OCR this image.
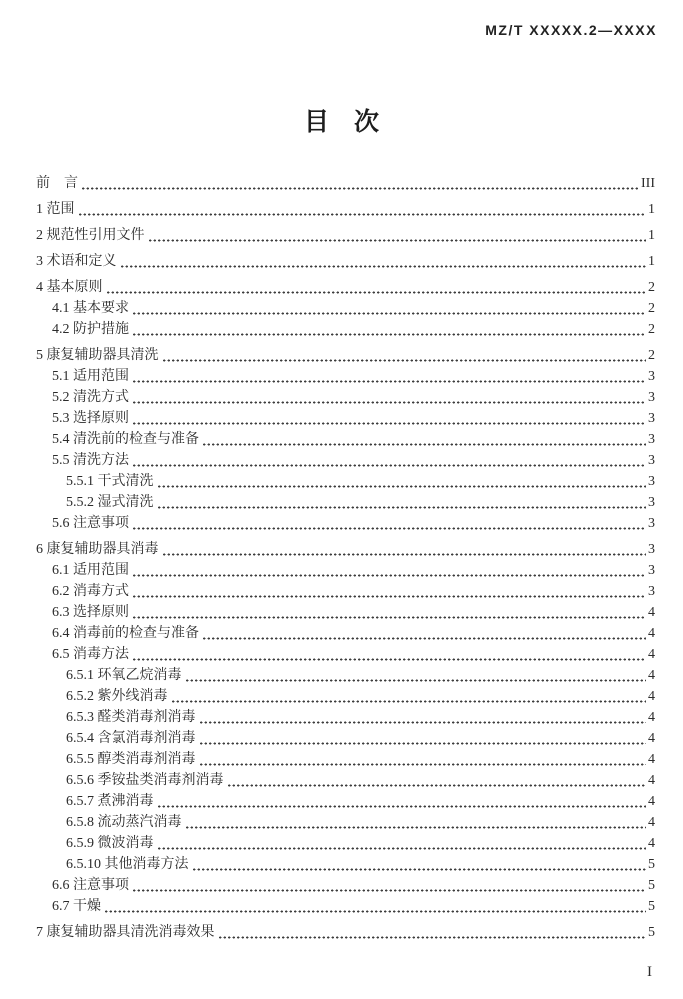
MZ/T XXXXX.2—XXXX
目　次
前　言	III
1 范围	1
2 规范性引用文件	1
3 术语和定义	1
4 基本原则	2
4.1 基本要求	2
4.2 防护措施	2
5 康复辅助器具清洗	2
5.1 适用范围	3
5.2 清洗方式	3
5.3 选择原则	3
5.4 清洗前的检查与准备	3
5.5 清洗方法	3
5.5.1 干式清洗	3
5.5.2 湿式清洗	3
5.6 注意事项	3
6 康复辅助器具消毒	3
6.1 适用范围	3
6.2 消毒方式	3
6.3 选择原则	4
6.4 消毒前的检查与准备	4
6.5 消毒方法	4
6.5.1 环氧乙烷消毒	4
6.5.2 紫外线消毒	4
6.5.3 醛类消毒剂消毒	4
6.5.4 含氯消毒剂消毒	4
6.5.5 醇类消毒剂消毒	4
6.5.6 季铵盐类消毒剂消毒	4
6.5.7 煮沸消毒	4
6.5.8 流动蒸汽消毒	4
6.5.9 微波消毒	4
6.5.10 其他消毒方法	5
6.6 注意事项	5
6.7 干燥	5
7 康复辅助器具清洗消毒效果	5
I
